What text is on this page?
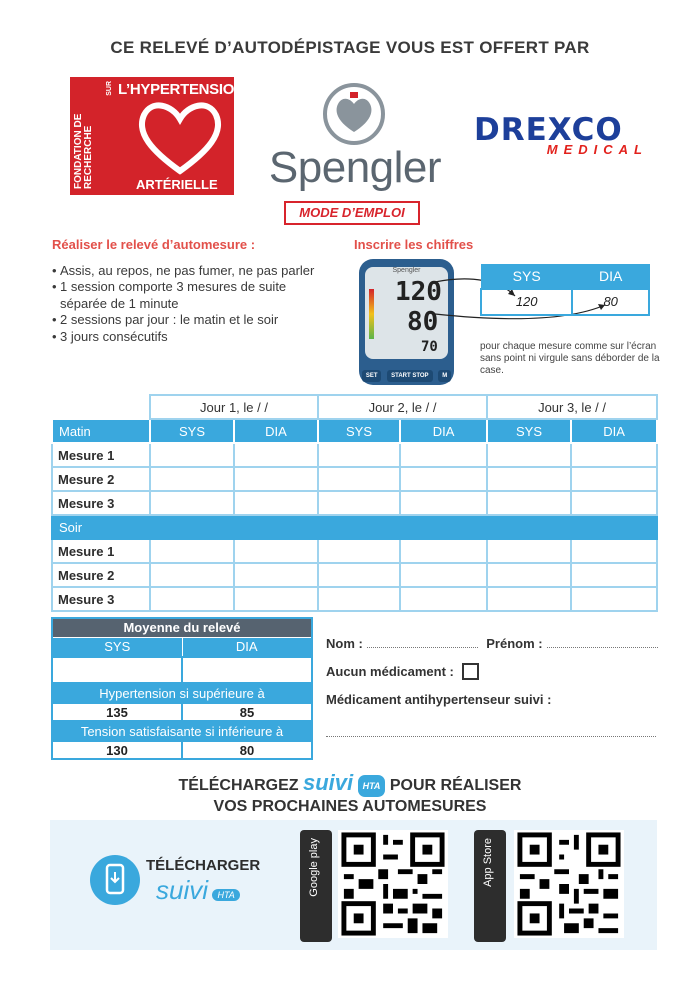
CE RELEVÉ D’AUTODÉPISTAGE VOUS EST OFFERT PAR
FONDATION DE RECHERCHE
SUR L’HYPERTENSION
ARTÉRIELLE Spengler
MODE D’EMPLOI
DREXCO
MEDICAL
Réaliser le relevé d’automesure :
• Assis, au repos, ne pas fumer, ne pas parler
• 1 session comporte 3 mesures de suite séparée de 1 minute
• 2 sessions par jour : le matin et le soir
• 3 jours consécutifs
Inscrire les chiffres
Spengler
120
80
70
SET	START STOP	M
SYS	DIA
120	80
pour chaque mesure comme sur l’écran sans point ni virgule sans déborder de la case.
	Jour 1, le / /		Jour 2, le / /		Jour 3, le / /	
Matin	SYS	DIA	SYS	DIA	SYS	DIA
Mesure 1						
Mesure 2						
Mesure 3						
Soir						
Mesure 1						
Mesure 2						
Mesure 3						
Moyenne du relevé	
SYS	DIA

Hypertension si supérieure à	
135	85
Tension satisfaisante si inférieure à	
130	80
Nom :	Prénom :
Aucun médicament :
Médicament antihypertenseur suivi :
TÉLÉCHARGEZ suivi HTA POUR RÉALISER
VOS PROCHAINES AUTOMESURES
TÉLÉCHARGER
suivi HTA	Google play	App Store
